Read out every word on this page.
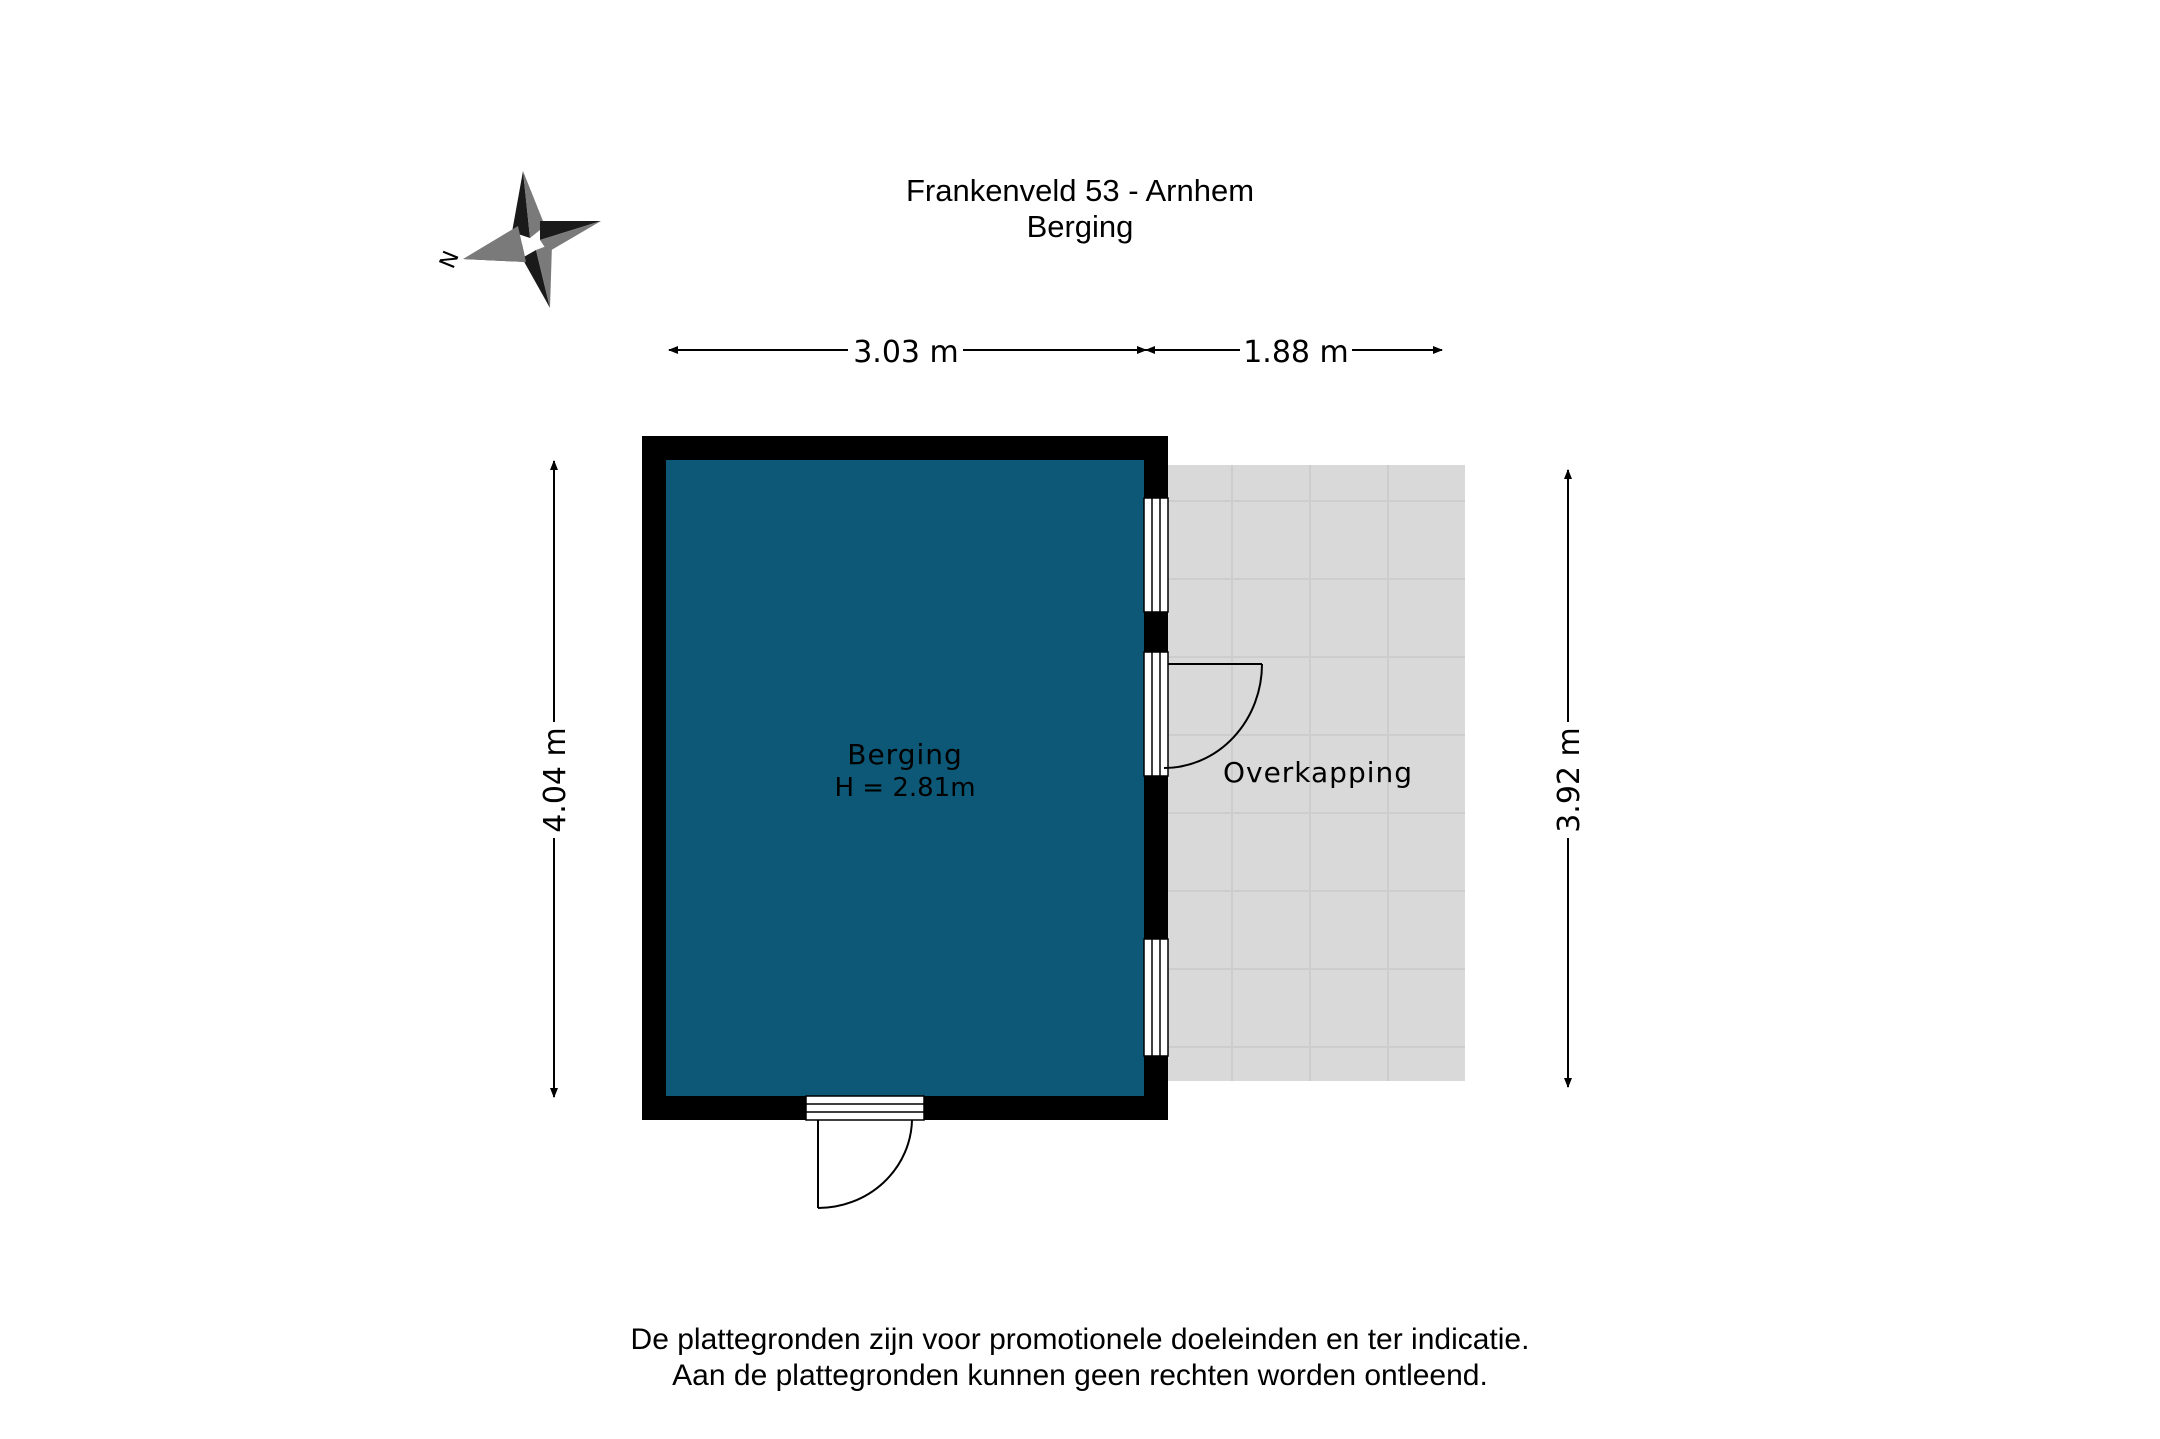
Frankenveld 53 - Arnhem
Berging
N
3.03 m	1.88 m
4.04 m	3.92 m
Overkapping
Berging
H = 2.81m
De plattegronden zijn voor promotionele doeleinden en ter indicatie.
Aan de plattegronden kunnen geen rechten worden ontleend.
